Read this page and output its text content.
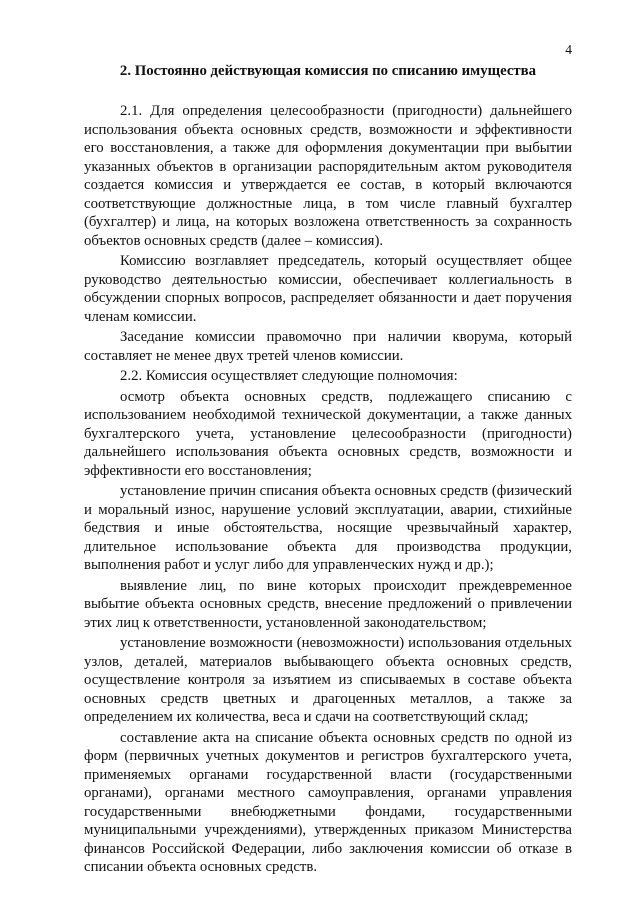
4
2. Постоянно действующая комиссия по списанию имущества

2.1. Для определения целесообразности (пригодности) дальнейшего использования объекта основных средств, возможности и эффективности его восстановления, а также для оформления документации при выбытии указанных объектов в организации распорядительным актом руководителя создается комиссия и утверждается ее состав, в который включаются соответствующие должностные лица, в том числе главный бухгалтер (бухгалтер) и лица, на которых возложена ответственность за сохранность объектов основных средств (далее – комиссия).

Комиссию возглавляет председатель, который осуществляет общее руководство деятельностью комиссии, обеспечивает коллегиальность в обсуждении спорных вопросов, распределяет обязанности и дает поручения членам комиссии.

Заседание комиссии правомочно при наличии кворума, который составляет не менее двух третей членов комиссии.

2.2. Комиссия осуществляет следующие полномочия:

осмотр объекта основных средств, подлежащего списанию с использованием необходимой технической документации, а также данных бухгалтерского учета, установление целесообразности (пригодности) дальнейшего использования объекта основных средств, возможности и эффективности его восстановления;

установление причин списания объекта основных средств (физический и моральный износ, нарушение условий эксплуатации, аварии, стихийные бедствия и иные обстоятельства, носящие чрезвычайный характер, длительное использование объекта для производства продукции, выполнения работ и услуг либо для управленческих нужд и др.);

выявление лиц, по вине которых происходит преждевременное выбытие объекта основных средств, внесение предложений о привлечении этих лиц к ответственности, установленной законодательством;

установление возможности (невозможности) использования отдельных узлов, деталей, материалов выбывающего объекта основных средств, осуществление контроля за изъятием из списываемых в составе объекта основных средств цветных и драгоценных металлов, а также за определением их количества, веса и сдачи на соответствующий склад;

составление акта на списание объекта основных средств по одной из форм (первичных учетных документов и регистров бухгалтерского учета, применяемых органами государственной власти (государственными органами), органами местного самоуправления, органами управления государственными внебюджетными фондами, государственными муниципальными учреждениями), утвержденных приказом Министерства финансов Российской Федерации, либо заключения комиссии об отказе в списании объекта основных средств.
